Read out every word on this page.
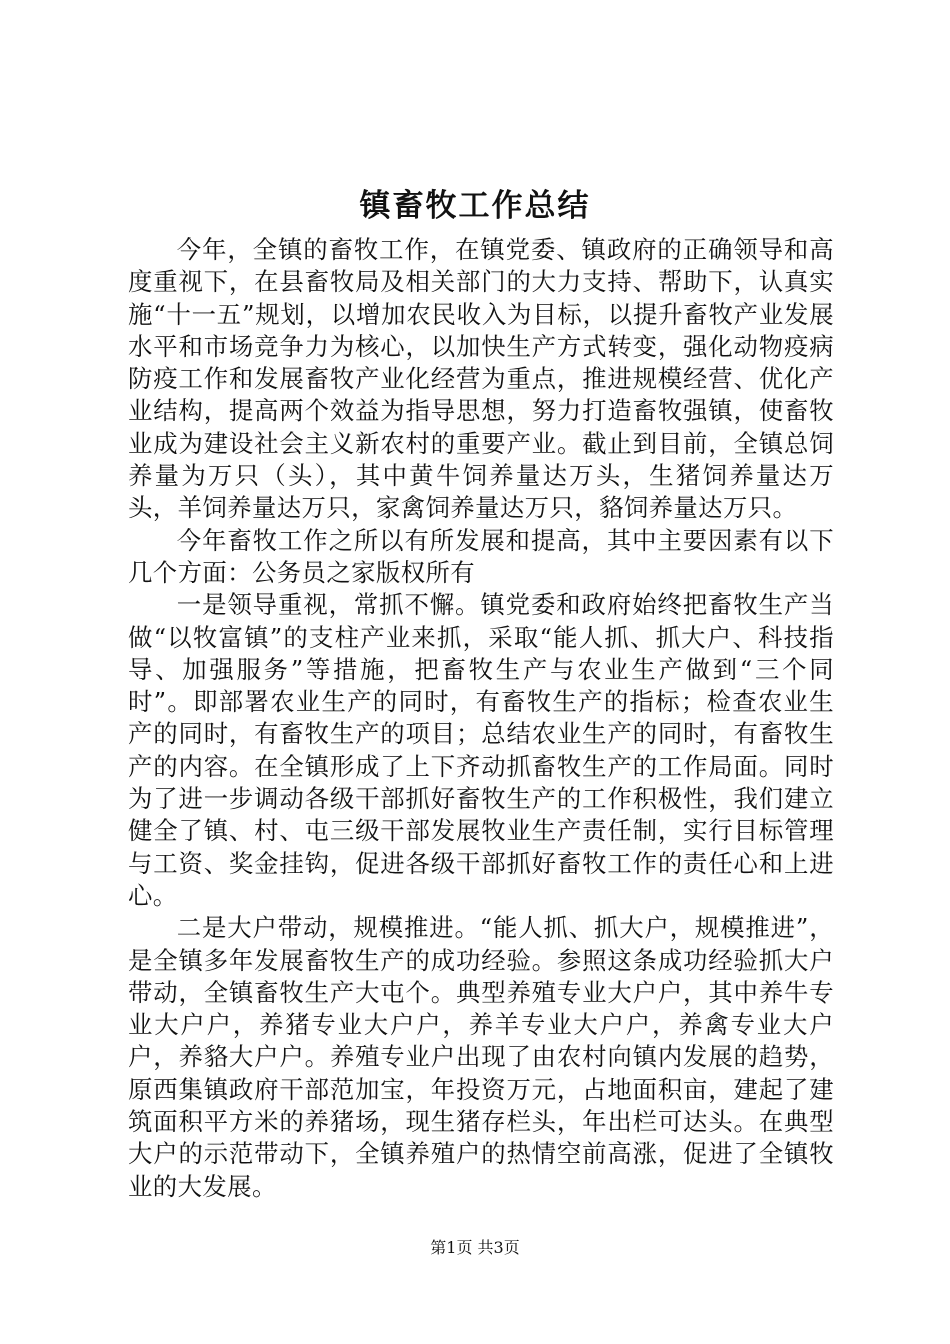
镇畜牧工作总结

今年，全镇的畜牧工作，在镇党委、镇政府的正确领导和高度重视下，在县畜牧局及相关部门的大力支持、帮助下，认真实施“十一五”规划，以增加农民收入为目标，以提升畜牧产业发展水平和市场竞争力为核心，以加快生产方式转变，强化动物疫病防疫工作和发展畜牧产业化经营为重点，推进规模经营、优化产业结构，提高两个效益为指导思想，努力打造畜牧强镇，使畜牧业成为建设社会主义新农村的重要产业。截止到目前，全镇总饲养量为万只（头），其中黄牛饲养量达万头，生猪饲养量达万头，羊饲养量达万只，家禽饲养量达万只，貉饲养量达万只。

今年畜牧工作之所以有所发展和提高，其中主要因素有以下几个方面：公务员之家版权所有

一是领导重视，常抓不懈。镇党委和政府始终把畜牧生产当做“以牧富镇”的支柱产业来抓，采取“能人抓、抓大户、科技指导、加强服务”等措施，把畜牧生产与农业生产做到“三个同时”。即部署农业生产的同时，有畜牧生产的指标；检查农业生产的同时，有畜牧生产的项目；总结农业生产的同时，有畜牧生产的内容。在全镇形成了上下齐动抓畜牧生产的工作局面。同时为了进一步调动各级干部抓好畜牧生产的工作积极性，我们建立健全了镇、村、屯三级干部发展牧业生产责任制，实行目标管理与工资、奖金挂钩，促进各级干部抓好畜牧工作的责任心和上进心。

二是大户带动，规模推进。“能人抓、抓大户，规模推进”，是全镇多年发展畜牧生产的成功经验。参照这条成功经验抓大户带动，全镇畜牧生产大屯个。典型养殖专业大户户，其中养牛专业大户户，养猪专业大户户，养羊专业大户户，养禽专业大户户，养貉大户户。养殖专业户出现了由农村向镇内发展的趋势，原西集镇政府干部范加宝，年投资万元，占地面积亩，建起了建筑面积平方米的养猪场，现生猪存栏头，年出栏可达头。在典型大户的示范带动下，全镇养殖户的热情空前高涨，促进了全镇牧业的大发展。

第1页 共3页
